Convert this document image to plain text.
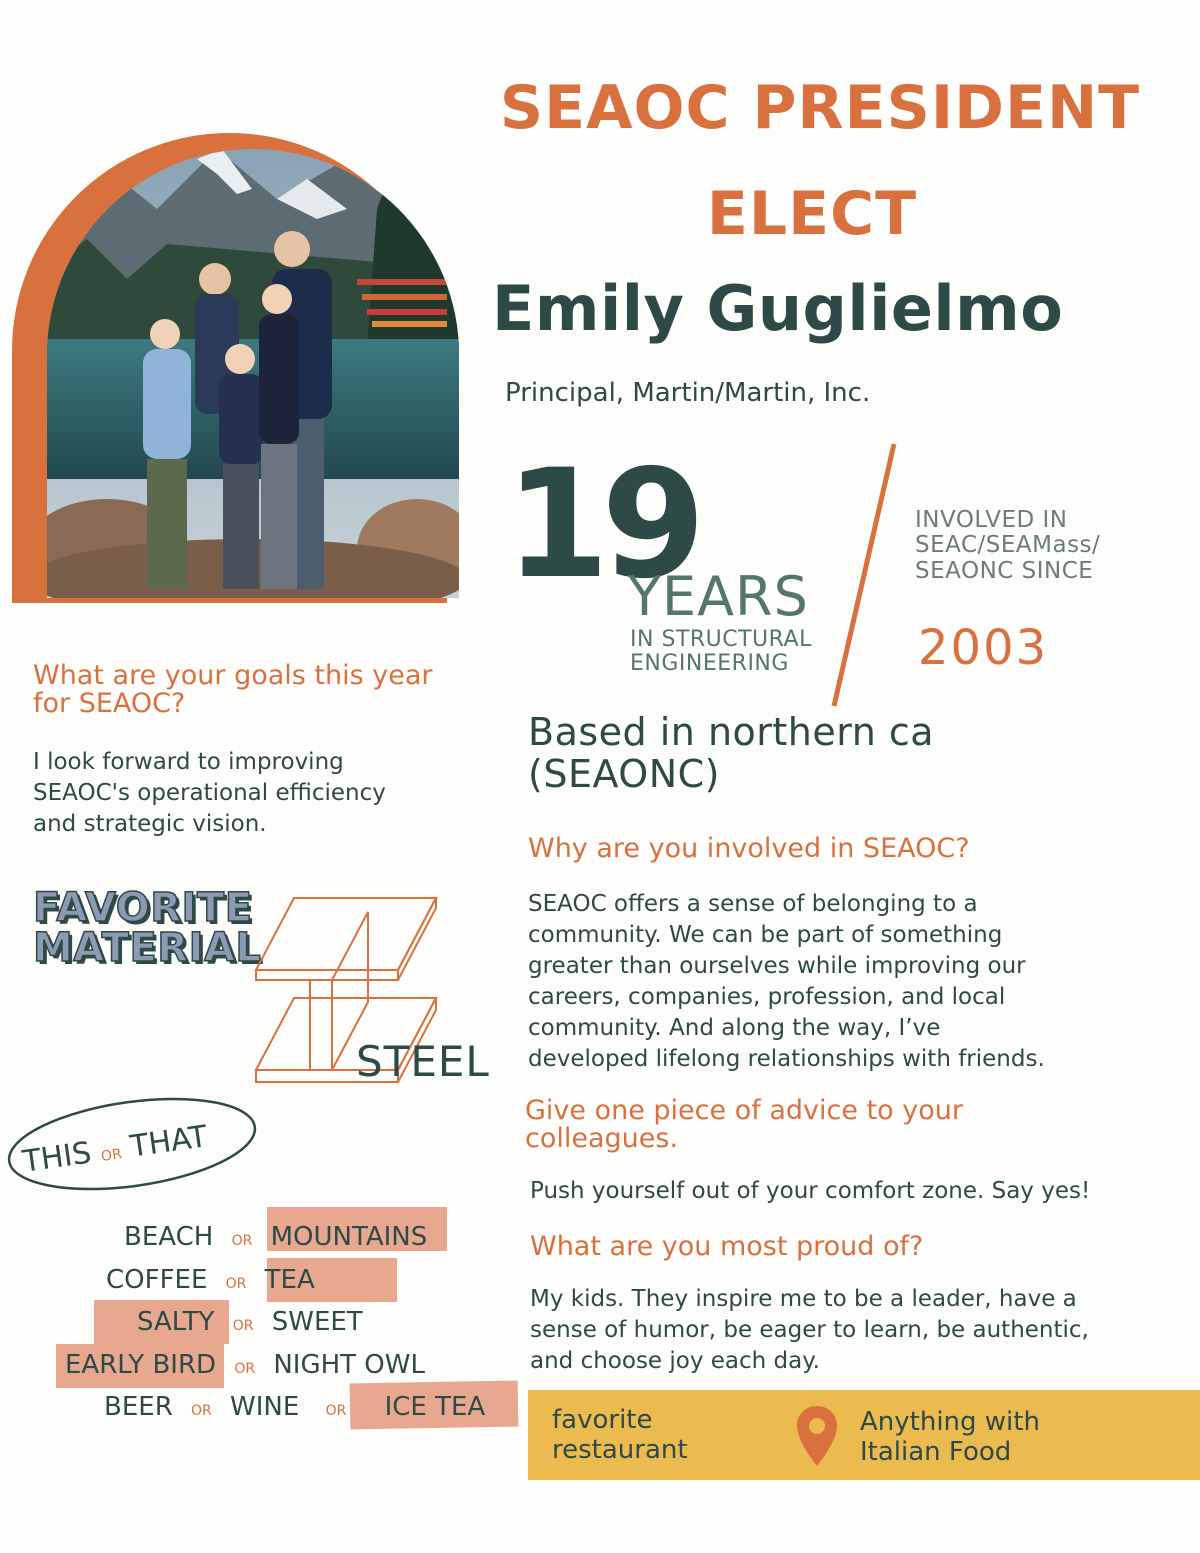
SEAOC PRESIDENT
ELECT
Emily Guglielmo
Principal, Martin/Martin, Inc.
19
YEARS
IN STRUCTURAL
ENGINEERING
INVOLVED IN
SEAC/SEAMass/
SEAONC SINCE
2003
Based in northern ca
(SEAONC)
What are your goals this year
for SEAOC?
I look forward to improving
SEAOC's operational efficiency
and strategic vision.
Why are you involved in SEAOC?
SEAOC offers a sense of belonging to a
community. We can be part of something
greater than ourselves while improving our
careers, companies, profession, and local
community. And along the way, I’ve
developed lifelong relationships with friends.
Give one piece of advice to your
colleagues.
Push yourself out of your comfort zone. Say yes!
What are you most proud of?
My kids. They inspire me to be a leader, have a
sense of humor, be eager to learn, be authentic,
and choose joy each day.
FAVORITE
MATERIAL
STEEL
THIS OR THAT
BEACH OR MOUNTAINS
COFFEE OR TEA
SALTY OR SWEET
EARLY BIRD OR NIGHT OWL
BEER OR WINE OR ICE TEA	favorite
restaurant
Anything with
Italian Food
